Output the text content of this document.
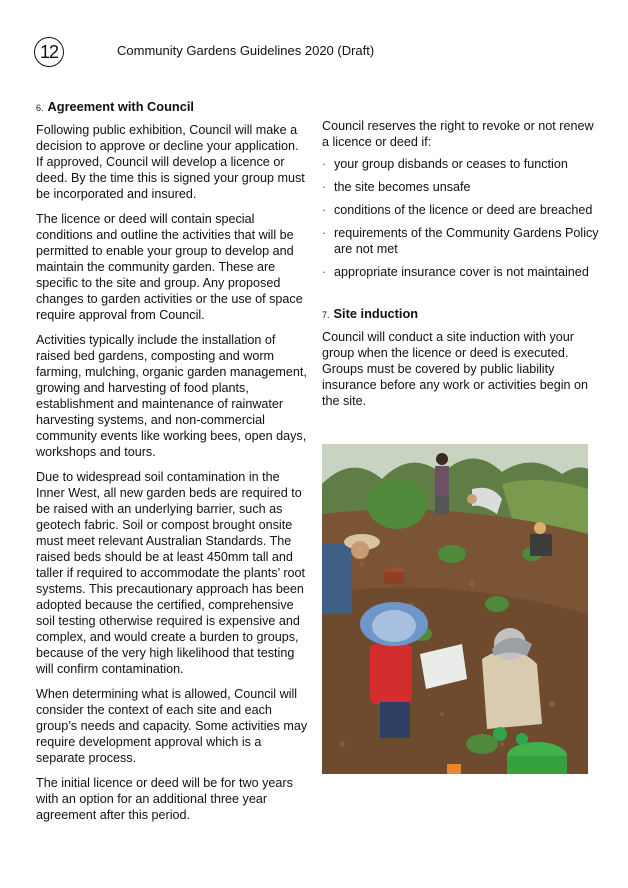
12	Community Gardens Guidelines 2020 (Draft)
6. Agreement with Council

Following public exhibition, Council will make a decision to approve or decline your application. If approved, Council will develop a licence or deed. By the time this is signed your group must be incorporated and insured.

The licence or deed will contain special conditions and outline the activities that will be permitted to enable your group to develop and maintain the community garden. These are specific to the site and group. Any proposed changes to garden activities or the use of space require approval from Council.

Activities typically include the installation of raised bed gardens, composting and worm farming, mulching, organic garden management, growing and harvesting of food plants, establishment and maintenance of rainwater harvesting systems, and non-commercial community events like working bees, open days, workshops and tours.

Due to widespread soil contamination in the Inner West, all new garden beds are required to be raised with an underlying barrier, such as geotech fabric. Soil or compost brought onsite must meet relevant Australian Standards. The raised beds should be at least 450mm tall and taller if required to accommodate the plants’ root systems. This precautionary approach has been adopted because the certified, comprehensive soil testing otherwise required is expensive and complex, and would create a burden to groups, because of the very high likelihood that testing will confirm contamination.

When determining what is allowed, Council will consider the context of each site and each group’s needs and capacity. Some activities may require development approval which is a separate process.

The initial licence or deed will be for two years with an option for an additional three year agreement after this period.

Council reserves the right to revoke or not renew a licence or deed if:

· your group disbands or ceases to function
· the site becomes unsafe
· conditions of the licence or deed are breached
· requirements of the Community Gardens Policy are not met
· appropriate insurance cover is not maintained
7. Site induction

Council will conduct a site induction with your group when the licence or deed is executed. Groups must be covered by public liability insurance before any work or activities begin on the site.
